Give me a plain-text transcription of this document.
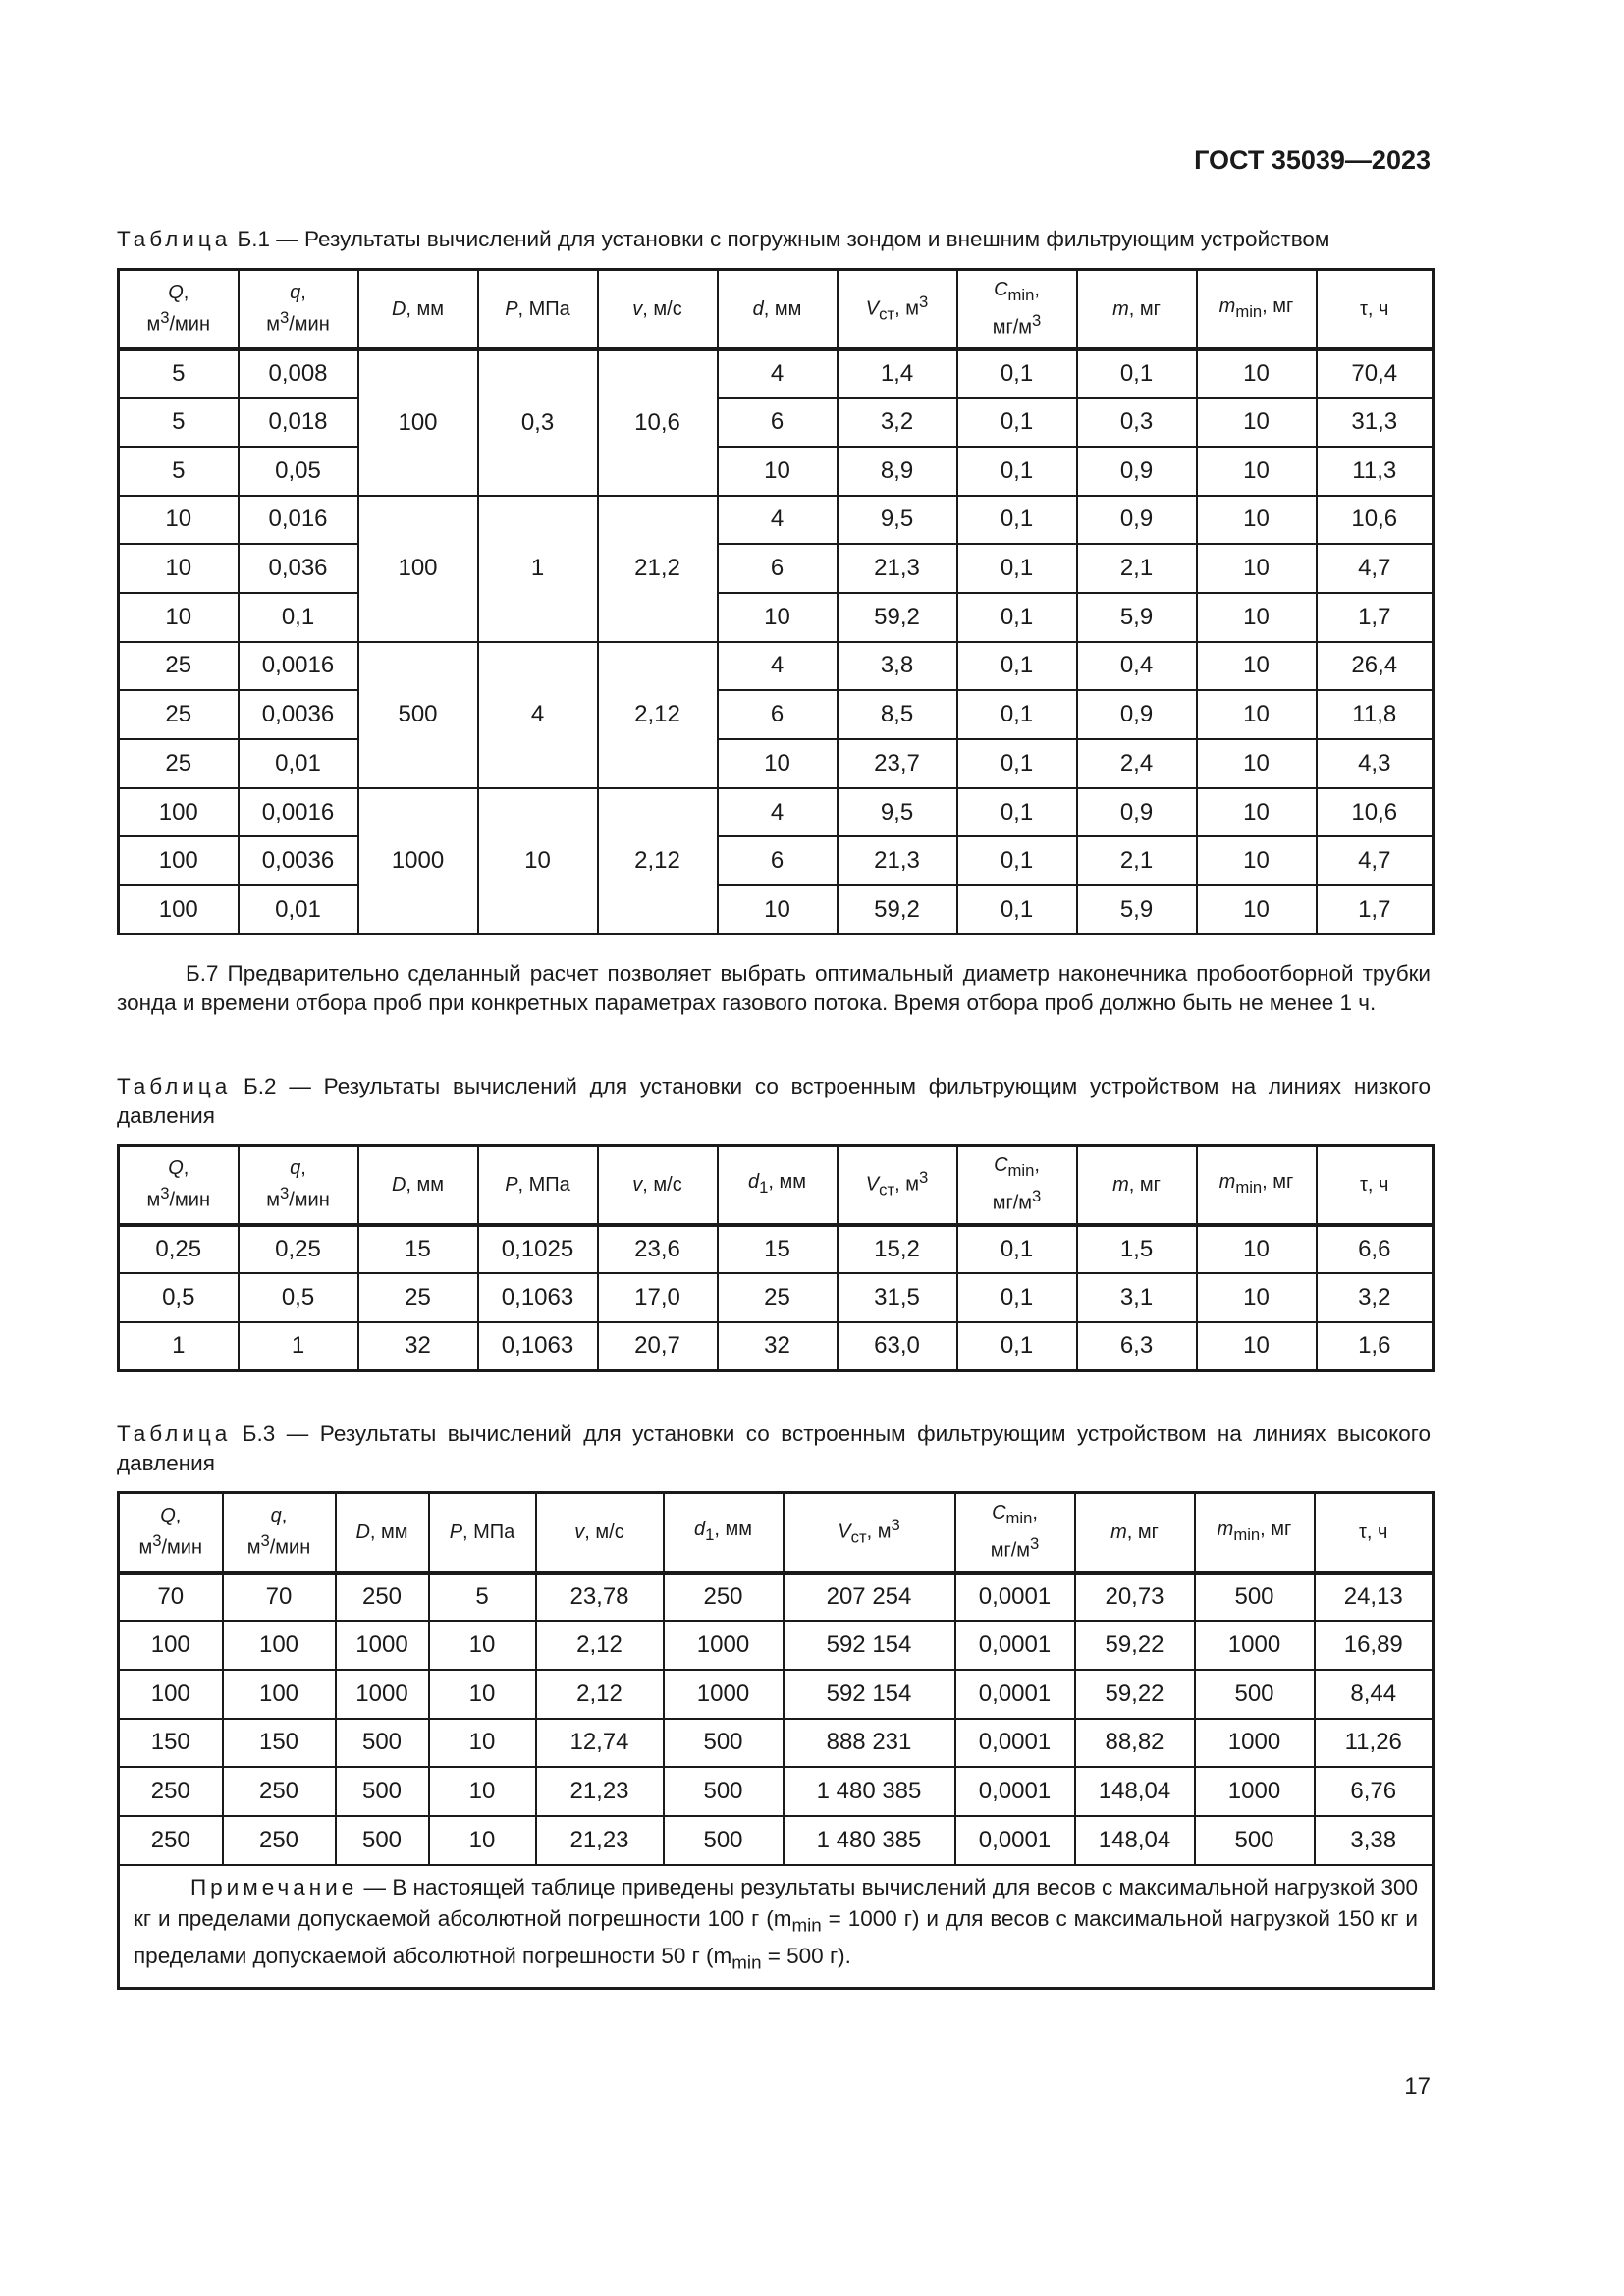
ГОСТ 35039—2023
Таблица Б.1 — Результаты вычислений для установки с погружным зондом и внешним фильтрующим устройством
Q,
$м^3$/мин	q,
$м^3$/мин	D, мм	P, МПа	v, м/с	d, мм	$V_{ст}$, $м^3$	$C_{min}$,
$мг/м^3$	m, мг	$m_{min}$, мг	τ, ч
5	0,008	100	0,3	10,6	4	1,4	0,1	0,1	10	70,4
5	0,018				6	3,2	0,1	0,3	10	31,3
5	0,05				10	8,9	0,1	0,9	10	11,3
10	0,016	100	1	21,2	4	9,5	0,1	0,9	10	10,6
10	0,036				6	21,3	0,1	2,1	10	4,7
10	0,1				10	59,2	0,1	5,9	10	1,7
25	0,0016	500	4	2,12	4	3,8	0,1	0,4	10	26,4
25	0,0036				6	8,5	0,1	0,9	10	11,8
25	0,01				10	23,7	0,1	2,4	10	4,3
100	0,0016	1000	10	2,12	4	9,5	0,1	0,9	10	10,6
100	0,0036				6	21,3	0,1	2,1	10	4,7
100	0,01				10	59,2	0,1	5,9	10	1,7
Б.7 Предварительно сделанный расчет позволяет выбрать оптимальный диаметр наконечника пробоотборной трубки зонда и времени отбора проб при конкретных параметрах газового потока. Время отбора проб должно быть не менее 1 ч.
Таблица Б.2 — Результаты вычислений для установки со встроенным фильтрующим устройством на линиях низкого давления
Q,
$м^3$/мин	q,
$м^3$/мин	D, мм	P, МПа	v, м/с	$d_1$, мм	$V_{ст}$, $м^3$	$C_{min}$,
$мг/м^3$	m, мг	$m_{min}$, мг	τ, ч
0,25	0,25	15	0,1025	23,6	15	15,2	0,1	1,5	10	6,6
0,5	0,5	25	0,1063	17,0	25	31,5	0,1	3,1	10	3,2
1	1	32	0,1063	20,7	32	63,0	0,1	6,3	10	1,6
Таблица Б.3 — Результаты вычислений для установки со встроенным фильтрующим устройством на линиях высокого давления
Q,
$м^3$/мин	q,
$м^3$/мин	D, мм	P, МПа	v, м/с	$d_1$, мм	$V_{ст}$, $м^3$	$C_{min}$,
$мг/м^3$	m, мг	$m_{min}$, мг	τ, ч
70	70	250	5	23,78	250	207 254	0,0001	20,73	500	24,13
100	100	1000	10	2,12	1000	592 154	0,0001	59,22	1000	16,89
100	100	1000	10	2,12	1000	592 154	0,0001	59,22	500	8,44
150	150	500	10	12,74	500	888 231	0,0001	88,82	1000	11,26
250	250	500	10	21,23	500	1 480 385	0,0001	148,04	1000	6,76
250	250	500	10	21,23	500	1 480 385	0,0001	148,04	500	3,38
Примечание — В настоящей таблице приведены результаты вычислений для весов с максимальной нагрузкой 300 кг и пределами допускаемой абсолютной погрешности 100 г ($m_{min} = 1000$ г) и для весов с максимальной нагрузкой 150 кг и пределами допускаемой абсолютной погрешности 50 г ($m_{min} = 500$ г).										
17
